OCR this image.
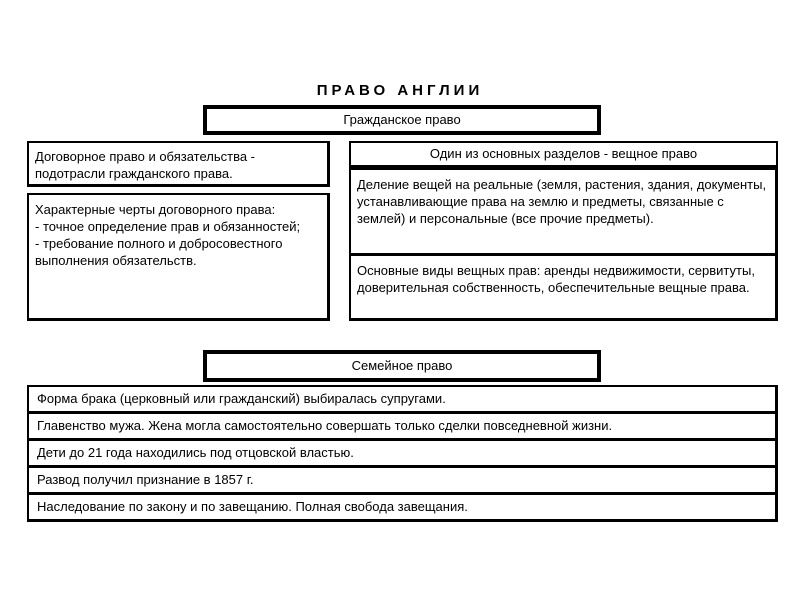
ПРАВО АНГЛИИ
Гражданское право
Договорное право и обязательства - подотрасли гражданского права.
Характерные черты договорного права:
- точное определение прав и обязанностей;
- требование полного и добросовестного выполнения обязательств.
Один из основных разделов - вещное право
Деление вещей на реальные (земля, растения, здания, документы, устанавливающие права на землю и предметы, связанные с землей) и персональные (все прочие предметы).
Основные виды вещных прав: аренды недвижимости, сервитуты, доверительная собственность, обеспечительные вещные права.
Семейное право
Форма брака (церковный или гражданский) выбиралась супругами.
Главенство мужа. Жена могла самостоятельно совершать только сделки повседневной жизни.
Дети до 21 года находились под отцовской властью.
Развод получил признание в 1857 г.
Наследование по закону и по завещанию. Полная свобода завещания.
